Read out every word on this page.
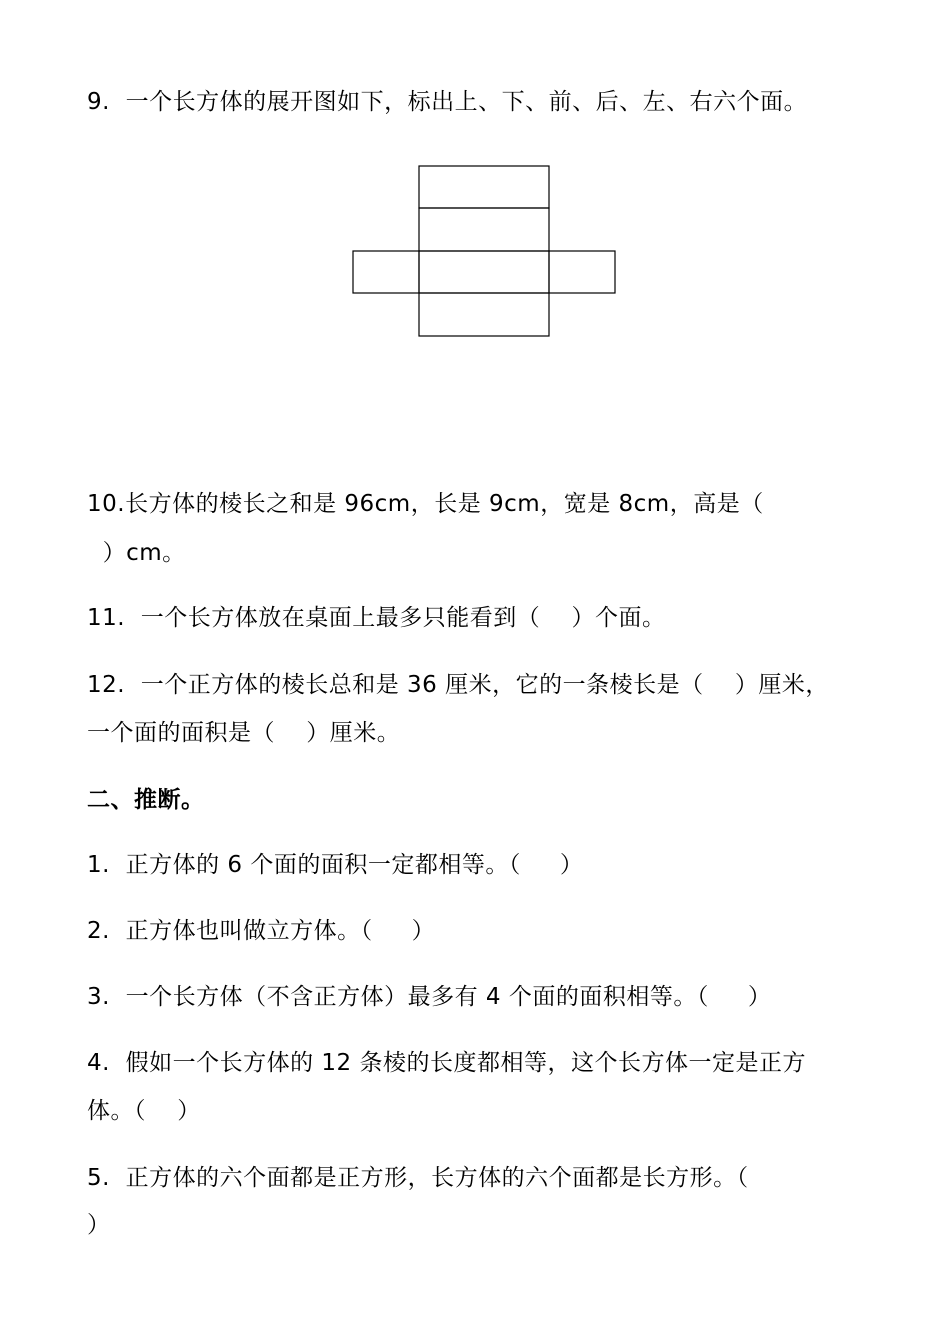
9.  一个长方体的展开图如下，标出上、下、前、后、左、右六个面。
10.长方体的棱长之和是 96cm，长是 9cm，宽是 8cm，高是（
）cm。
11.  一个长方体放在桌面上最多只能看到（    ）个面。
12.  一个正方体的棱长总和是 36 厘米，它的一条棱长是（    ）厘米，
一个面的面积是（    ）厘米。
二、推断。
1.  正方体的 6 个面的面积一定都相等。（     ）
2.  正方体也叫做立方体。（     ）
3.  一个长方体（不含正方体）最多有 4 个面的面积相等。（     ）
4.  假如一个长方体的 12 条棱的长度都相等，这个长方体一定是正方
体。（    ）
5.  正方体的六个面都是正方形，长方体的六个面都是长方形。（
）
